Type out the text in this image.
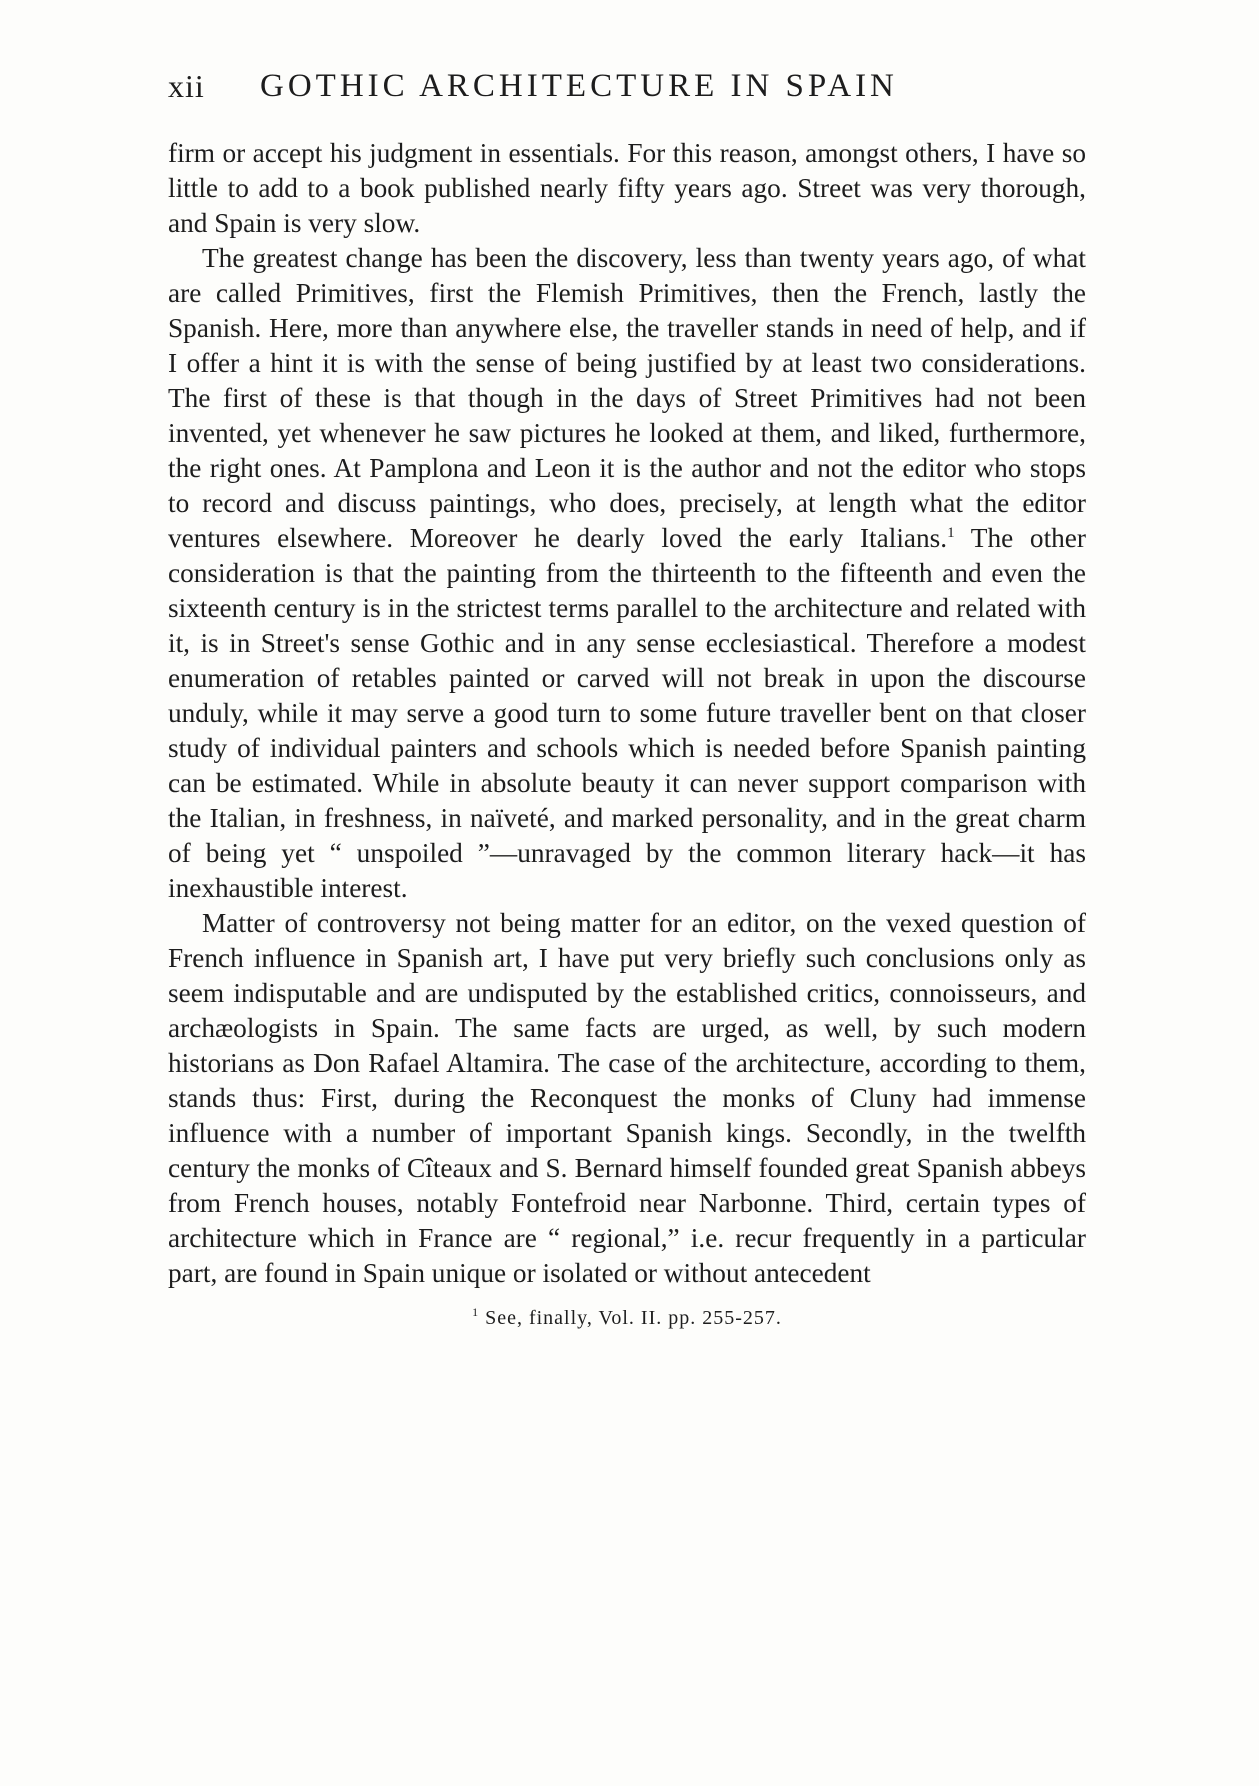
xii GOTHIC ARCHITECTURE IN SPAIN

firm or accept his judgment in essentials. For this reason, amongst others, I have so little to add to a book published nearly fifty years ago. Street was very thorough, and Spain is very slow.

The greatest change has been the discovery, less than twenty years ago, of what are called Primitives, first the Flemish Primitives, then the French, lastly the Spanish. Here, more than anywhere else, the traveller stands in need of help, and if I offer a hint it is with the sense of being justified by at least two considerations. The first of these is that though in the days of Street Primitives had not been invented, yet whenever he saw pictures he looked at them, and liked, furthermore, the right ones. At Pamplona and Leon it is the author and not the editor who stops to record and discuss paintings, who does, precisely, at length what the editor ventures elsewhere. Moreover he dearly loved the early Italians.$^1$ The other consideration is that the painting from the thirteenth to the fifteenth and even the sixteenth century is in the strictest terms parallel to the architecture and related with it, is in Street's sense Gothic and in any sense ecclesiastical. Therefore a modest enumeration of retables painted or carved will not break in upon the discourse unduly, while it may serve a good turn to some future traveller bent on that closer study of individual painters and schools which is needed before Spanish painting can be estimated. While in absolute beauty it can never support comparison with the Italian, in freshness, in naïveté, and marked personality, and in the great charm of being yet “ unspoiled ”—unravaged by the common literary hack—it has inexhaustible interest.

Matter of controversy not being matter for an editor, on the vexed question of French influence in Spanish art, I have put very briefly such conclusions only as seem indisputable and are undisputed by the established critics, connoisseurs, and archæologists in Spain. The same facts are urged, as well, by such modern historians as Don Rafael Altamira. The case of the architecture, according to them, stands thus: First, during the Reconquest the monks of Cluny had immense influence with a number of important Spanish kings. Secondly, in the twelfth century the monks of Cîteaux and S. Bernard himself founded great Spanish abbeys from French houses, notably Fontefroid near Narbonne. Third, certain types of architecture which in France are “ regional,” i.e. recur frequently in a particular part, are found in Spain unique or isolated or without antecedent

$^1$ See, finally, Vol. II. pp. 255-257.
